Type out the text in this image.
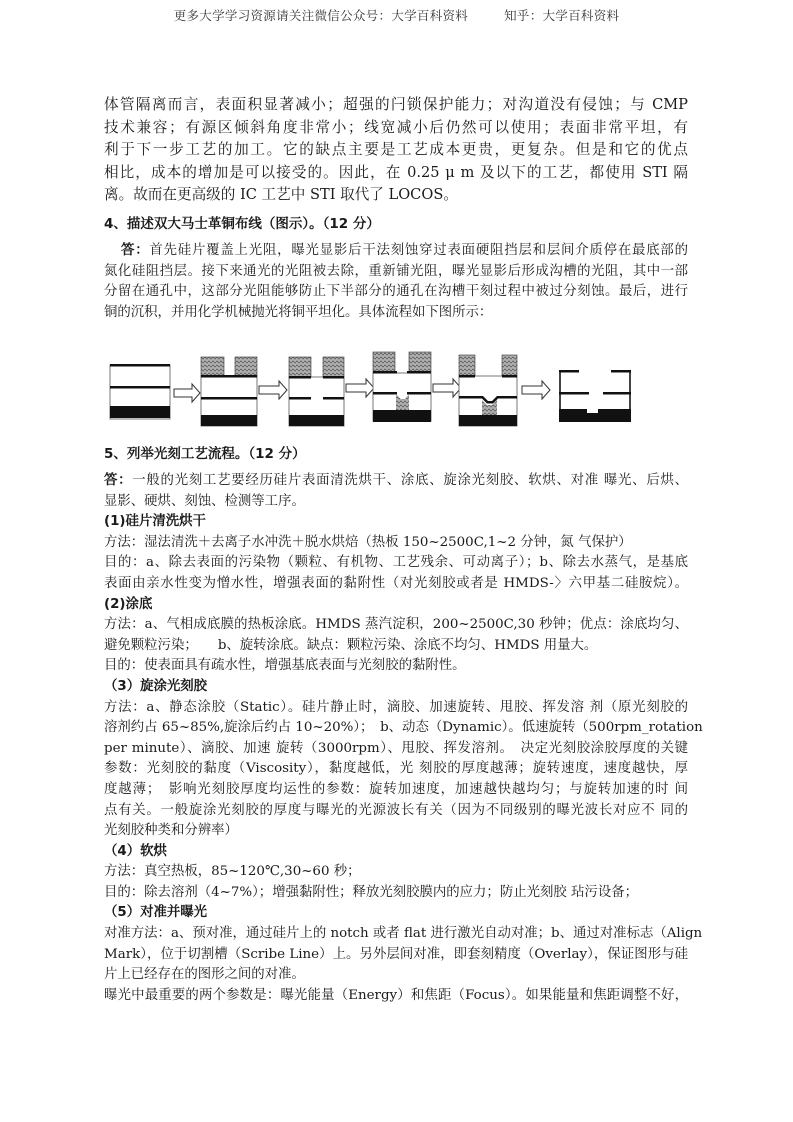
更多大学学习资源请关注微信公众号：大学百科资料	知乎：大学百科资料
体管隔离而言，表面积显著减小；超强的闩锁保护能力；对沟道没有侵蚀；与 CMP
技术兼容；有源区倾斜角度非常小；线宽减小后仍然可以使用；表面非常平坦，有
利于下一步工艺的加工。它的缺点主要是工艺成本更贵，更复杂。但是和它的优点
相比，成本的增加是可以接受的。因此，在 0.25 μ m 及以下的工艺，都使用 STI 隔
离。故而在更高级的 IC 工艺中 STI 取代了 LOCOS。
4、描述双大马士革铜布线（图示）。（12 分）
答：首先硅片覆盖上光阻，曝光显影后干法刻蚀穿过表面硬阻挡层和层间介质停在最底部的
氮化硅阻挡层。接下来通光的光阻被去除，重新铺光阻，曝光显影后形成沟槽的光阻，其中一部
分留在通孔中，这部分光阻能够防止下半部分的通孔在沟槽干刻过程中被过分刻蚀。最后，进行
铜的沉积，并用化学机械抛光将铜平坦化。具体流程如下图所示：
5、列举光刻工艺流程。（12 分）
答：一般的光刻工艺要经历硅片表面清洗烘干、涂底、旋涂光刻胶、软烘、对准 曝光、后烘、
显影、硬烘、刻蚀、检测等工序。
(1)硅片清洗烘干
方法：湿法清洗＋去离子水冲洗＋脱水烘焙（热板 150~2500C,1~2 分钟，氮 气保护）
目的：a、除去表面的污染物（颗粒、有机物、工艺残余、可动离子）；b、除去水蒸气，是基底
表面由亲水性变为憎水性，增强表面的黏附性（对光刻胶或者是 HMDS-〉六甲基二硅胺烷）。
(2)涂底
方法：a、气相成底膜的热板涂底。HMDS 蒸汽淀积，200~2500C,30 秒钟；优点：涂底均匀、
避免颗粒污染；　　b、旋转涂底。缺点：颗粒污染、涂底不均匀、HMDS 用量大。
目的：使表面具有疏水性，增强基底表面与光刻胶的黏附性。
（3）旋涂光刻胶
方法：a、静态涂胶（Static）。硅片静止时，滴胶、加速旋转、甩胶、挥发溶 剂（原光刻胶的
溶剂约占 65~85%,旋涂后约占 10~20%）；　b、动态（Dynamic）。低速旋转（500rpm_rotation
per minute）、滴胶、加速 旋转（3000rpm）、甩胶、挥发溶剂。　决定光刻胶涂胶厚度的关键
参数：光刻胶的黏度（Viscosity），黏度越低，光 刻胶的厚度越薄；旋转速度，速度越快，厚
度越薄；　影响光刻胶厚度均运性的参数：旋转加速度，加速越快越均匀；与旋转加速的时 间
点有关。一般旋涂光刻胶的厚度与曝光的光源波长有关（因为不同级别的曝光波长对应不 同的
光刻胶种类和分辨率）
（4）软烘
方法：真空热板，85~120℃,30~60 秒；
目的：除去溶剂（4~7%）；增强黏附性；释放光刻胶膜内的应力；防止光刻胶 玷污设备；
（5）对准并曝光
对准方法：a、预对准，通过硅片上的 notch 或者 flat 进行激光自动对准；b、通过对准标志（Align
Mark），位于切割槽（Scribe Line）上。另外层间对准，即套刻精度（Overlay），保证图形与硅
片上已经存在的图形之间的对准。
曝光中最重要的两个参数是：曝光能量（Energy）和焦距（Focus）。如果能量和焦距调整不好，
